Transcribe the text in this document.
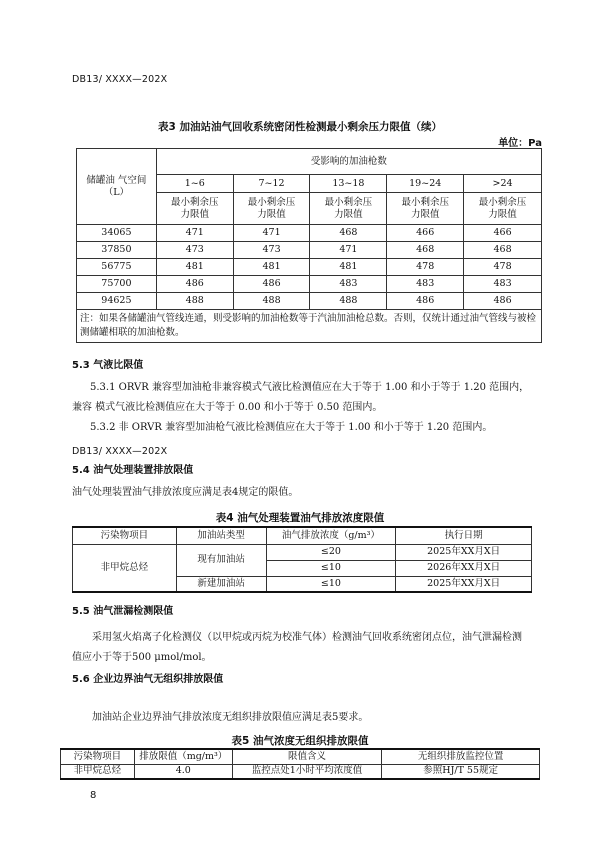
DB13/ XXXX—202X
表3 加油站油气回收系统密闭性检测最小剩余压力限值（续）
单位：Pa
储罐油 气空间（L）	受影响的加油枪数				
	1~6	7~12	13~18	19~24	>24
	最小剩余压力限值	最小剩余压力限值	最小剩余压力限值	最小剩余压力限值	最小剩余压力限值
34065	471	471	468	466	466
37850	473	473	471	468	468
56775	481	481	481	478	478
75700	486	486	483	483	483
94625	488	488	488	486	486
注：如果各储罐油气管线连通，则受影响的加油枪数等于汽油加油枪总数。否则，仅统计通过油气管线与被检测储罐相联的加油枪数。					
5.3 气液比限值
5.3.1 ORVR 兼容型加油枪非兼容模式气液比检测值应在大于等于 1.00 和小于等于 1.20 范围内，兼容 模式气液比检测值应在大于等于 0.00 和小于等于 0.50 范围内。
5.3.2 非 ORVR 兼容型加油枪气液比检测值应在大于等于 1.00 和小于等于 1.20 范围内。
DB13/ XXXX—202X
5.4 油气处理装置排放限值
油气处理装置油气排放浓度应满足表4规定的限值。
表4 油气处理装置油气排放浓度限值
污染物项目	加油站类型	油气排放浓度（g/m³）	执行日期
非甲烷总烃	现有加油站	≤20	2025年XX月X日
		≤10	2026年XX月X日
	新建加油站	≤10	2025年XX月X日
5.5 油气泄漏检测限值
采用氢火焰离子化检测仪（以甲烷或丙烷为校准气体）检测油气回收系统密闭点位，油气泄漏检测值应小于等于500 μmol/mol。
5.6 企业边界油气无组织排放限值
加油站企业边界油气排放浓度无组织排放限值应满足表5要求。
表5 油气浓度无组织排放限值
污染物项目	排放限值（mg/m³）	限值含义	无组织排放监控位置
非甲烷总烃	4.0	监控点处1小时平均浓度值	参照HJ/T 55规定
8
